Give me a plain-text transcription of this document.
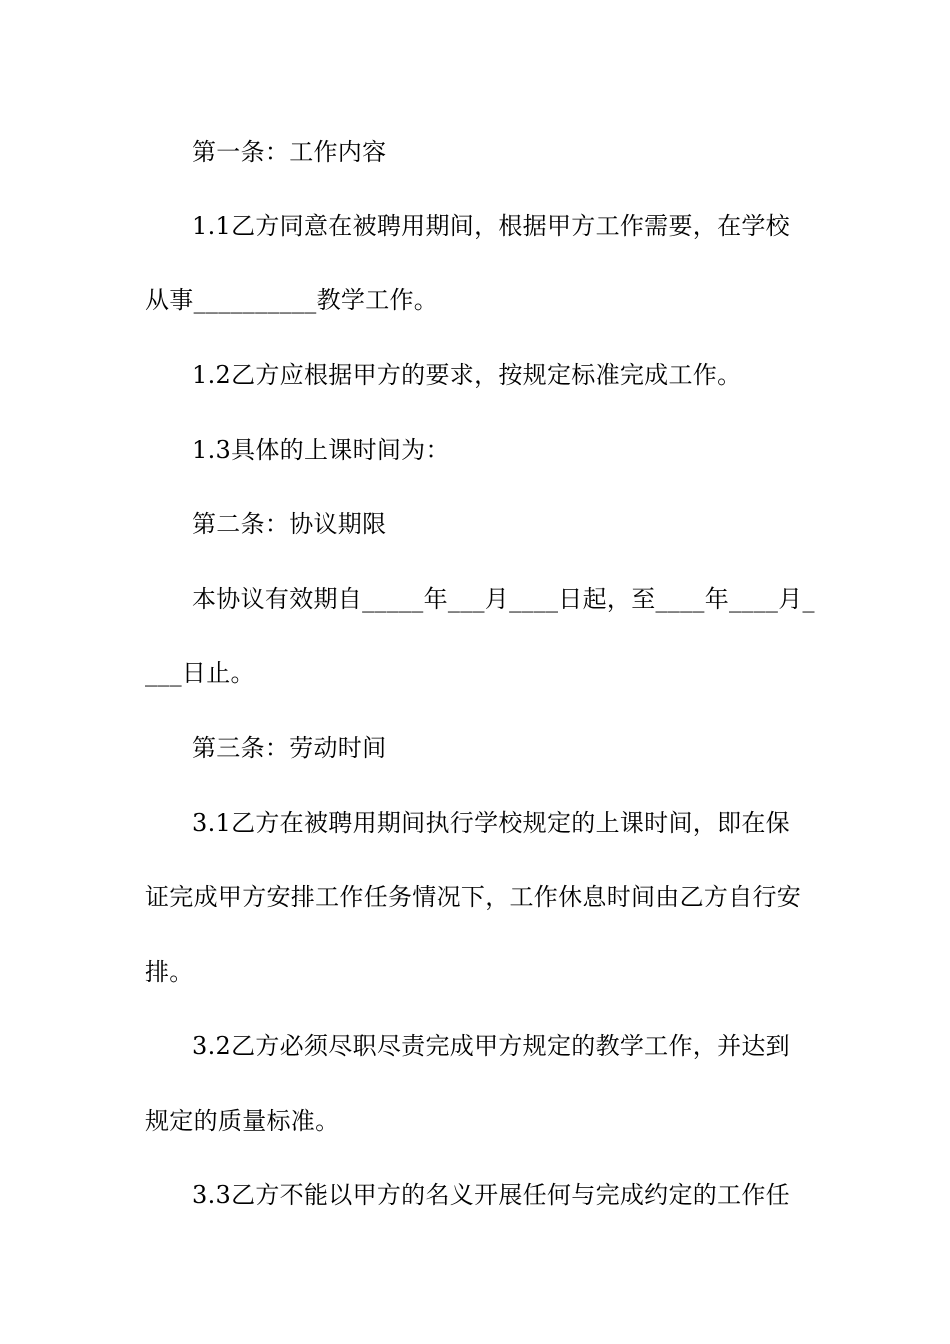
第一条：工作内容
1.1乙方同意在被聘用期间，根据甲方工作需要，在学校
从事__________教学工作。
1.2乙方应根据甲方的要求，按规定标准完成工作。
1.3具体的上课时间为：
第二条：协议期限
本协议有效期自_____年___月____日起，至____年____月_
___日止。
第三条：劳动时间
3.1乙方在被聘用期间执行学校规定的上课时间，即在保
证完成甲方安排工作任务情况下，工作休息时间由乙方自行安
排。
3.2乙方必须尽职尽责完成甲方规定的教学工作，并达到
规定的质量标准。
3.3乙方不能以甲方的名义开展任何与完成约定的工作任
